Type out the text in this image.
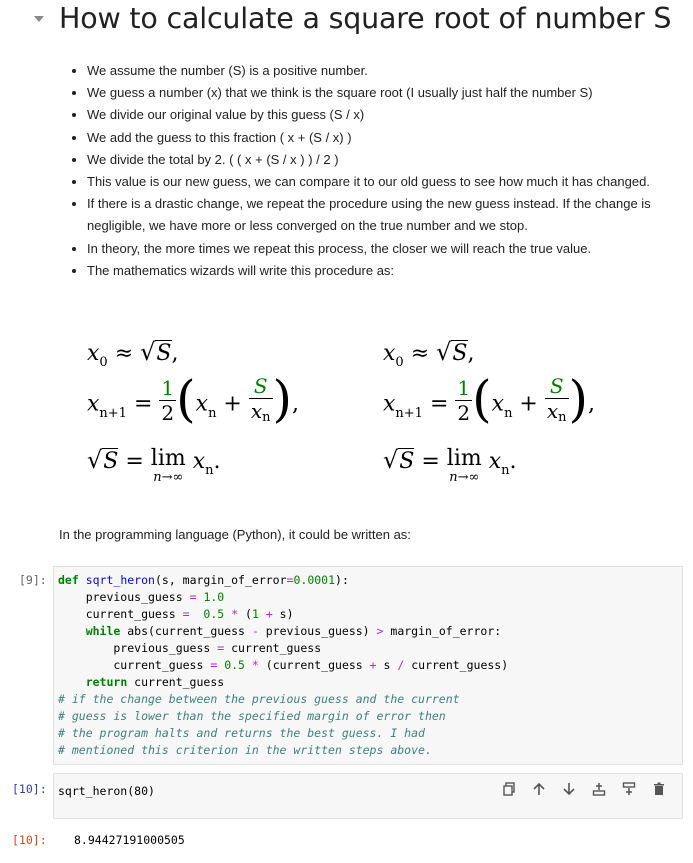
How to calculate a square root of number S
• We assume the number (S) is a positive number.
• We guess a number (x) that we think is the square root (I usually just half the number S)
• We divide our original value by this guess (S / x)
• We add the guess to this fraction ( x + (S / x) )
• We divide the total by 2. ( ( x + (S / x ) ) / 2 )
• This value is our new guess, we can compare it to our old guess to see how much it has changed.
• If there is a drastic change, we repeat the procedure using the new guess instead. If the change is negligible, we have more or less converged on the true number and we stop.
• In theory, the more times we repeat this process, the closer we will reach the true value.
• The mathematics wizards will write this procedure as:
$x_0 \approx √S$,
$x_{n+1} = \frac{1}{2} (x_n + \frac{S}{xn}$ ),
√S = lim
n→∞
$x_n$.
$x_0 \approx √S$,
$x_{n+1} = \frac{1}{2} (x_n + \frac{S}{xn}$ ),
√S = lim
n→∞
$x_n$.
In the programming language (Python), it could be written as:
[9]: def sqrt_heron(s, margin_of_error=0.0001):
previous_guess = 1.0
current_guess = 0.5 * (1 + s)
while abs(current_guess - previous_guess) > margin_of_error:
previous_guess = current_guess
current_guess = 0.5 * (current_guess + s / current_guess)
return current_guess
# if the change between the previous guess and the current
# guess is lower than the specified margin of error then
# the program halts and returns the best guess. I had
# mentioned this criterion in the written steps above.
[10]: sqrt_heron(80)
[10]: 8.94427191000505
